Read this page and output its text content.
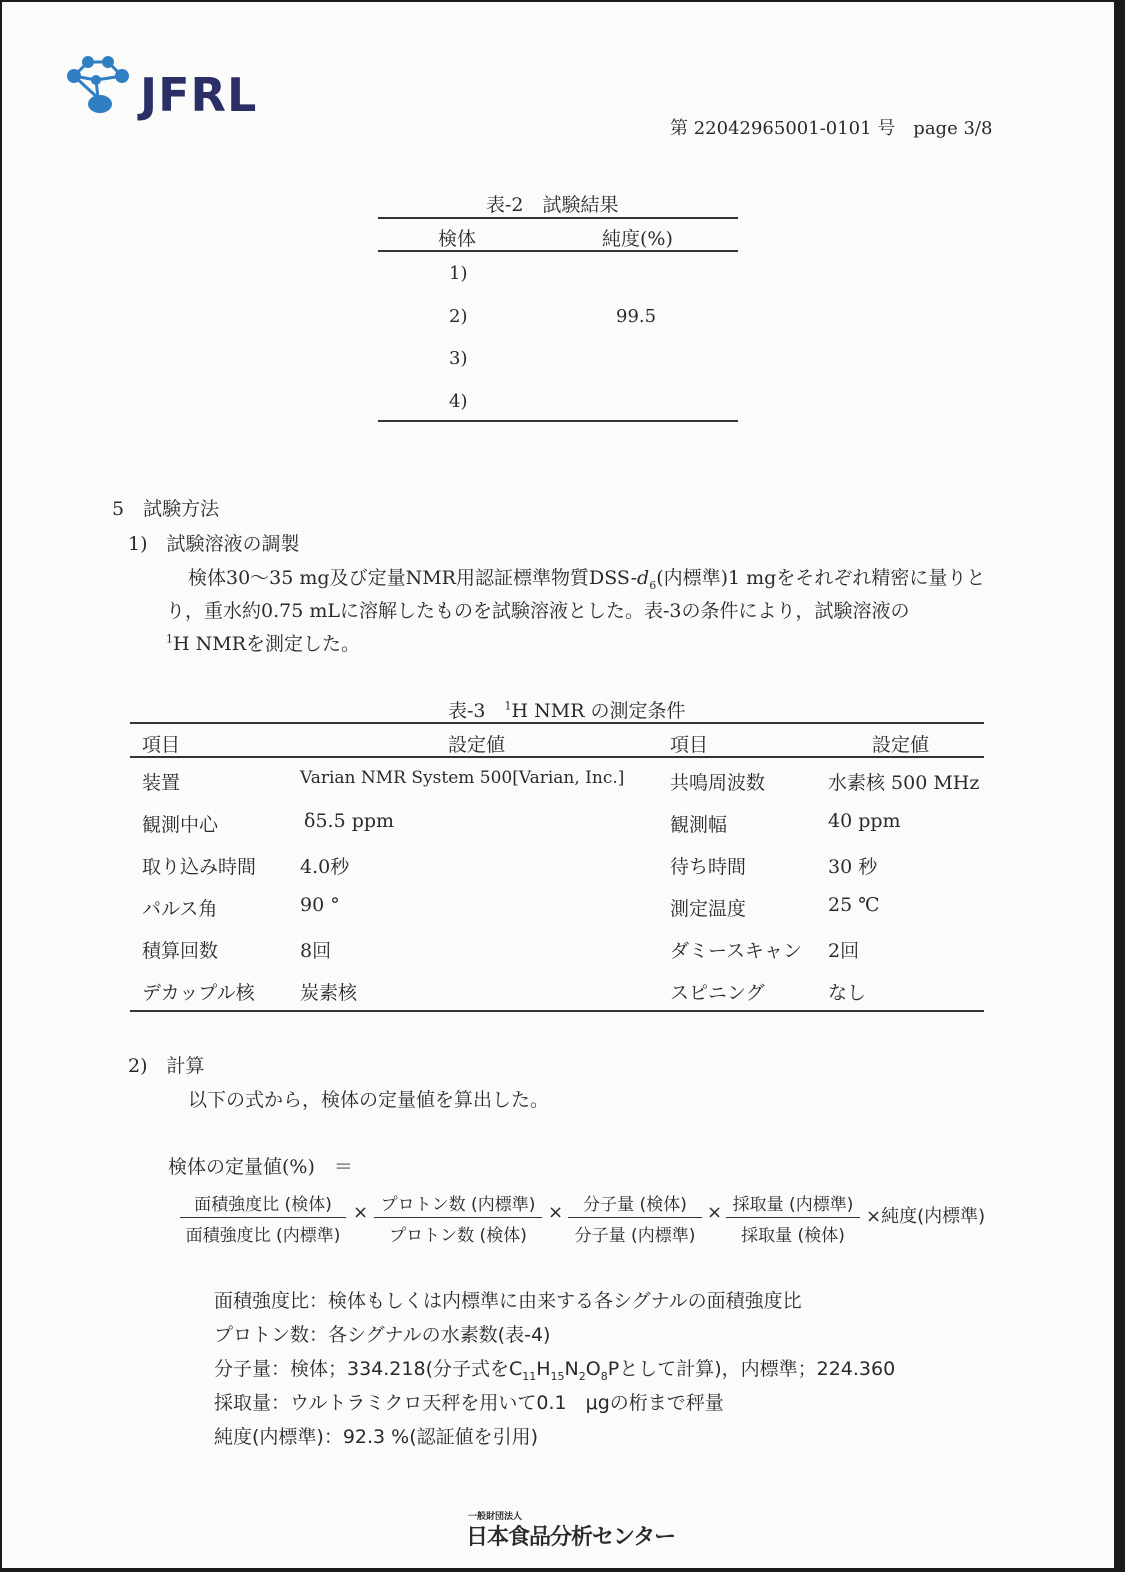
JFRL
第 22042965001-0101 号　page 3/8
表-2　試験結果
検体	純度(%)
1)
2)	99.5
3)
4)
5　試験方法
1)　試験溶液の調製
検体30～35 mg及び定量NMR用認証標準物質DSS-$d_6$(内標準)1 mgをそれぞれ精密に量りと
り，重水約0.75 mLに溶解したものを試験溶液とした。表-3の条件により，試験溶液の
$^1$H NMRを測定した。
表-3　$^1$H NMR の測定条件
項目	設定値	項目	設定値
装置	Varian NMR System 500[Varian, Inc.] 共鳴周波数	水素核 500 MHz
観測中心	δ5.5 ppm	観測幅	40 ppm
取り込み時間 4.0秒	待ち時間	30 秒
パルス角	90 °	測定温度	25 ℃
積算回数	8回	ダミースキャン 2回
デカップル核 炭素核	スピニング	なし
2)　計算
以下の式から，検体の定量値を算出した。
検体の定量値(%)　＝
面積強度比 (検体)
面積強度比 (内標準)
× プロトン数 (内標準)
プロトン数 (検体)
×	分子量 (検体)
分子量 (内標準)
× 採取量 (内標準)
採取量 (検体)
×純度(内標準)
面積強度比：検体もしくは内標準に由来する各シグナルの面積強度比
プロトン数：各シグナルの水素数(表-4)
分子量：検体；334.218(分子式を$C_{11}H_{15}N_2O_8P$として計算)，内標準；224.360
採取量：ウルトラミクロ天秤を用いて0.1　μgの桁まで秤量
純度(内標準)：92.3 %(認証値を引用)
一般財団法人
日本食品分析センター
